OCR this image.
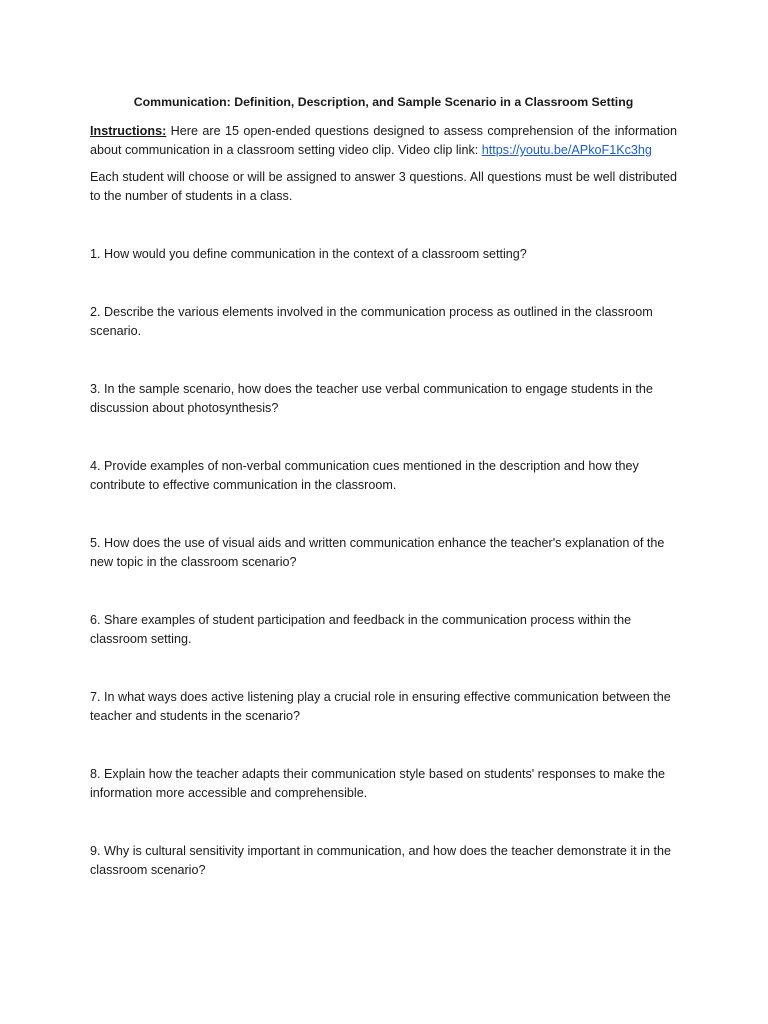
Communication: Definition, Description, and Sample Scenario in a Classroom Setting
Instructions: Here are 15 open-ended questions designed to assess comprehension of the information about communication in a classroom setting video clip. Video clip link: https://youtu.be/APkoF1Kc3hg
Each student will choose or will be assigned to answer 3 questions. All questions must be well distributed to the number of students in a class.
1. How would you define communication in the context of a classroom setting?
2. Describe the various elements involved in the communication process as outlined in the classroom scenario.
3. In the sample scenario, how does the teacher use verbal communication to engage students in the discussion about photosynthesis?
4. Provide examples of non-verbal communication cues mentioned in the description and how they contribute to effective communication in the classroom.
5. How does the use of visual aids and written communication enhance the teacher's explanation of the new topic in the classroom scenario?
6. Share examples of student participation and feedback in the communication process within the classroom setting.
7. In what ways does active listening play a crucial role in ensuring effective communication between the teacher and students in the scenario?
8. Explain how the teacher adapts their communication style based on students' responses to make the information more accessible and comprehensible.
9. Why is cultural sensitivity important in communication, and how does the teacher demonstrate it in the classroom scenario?
